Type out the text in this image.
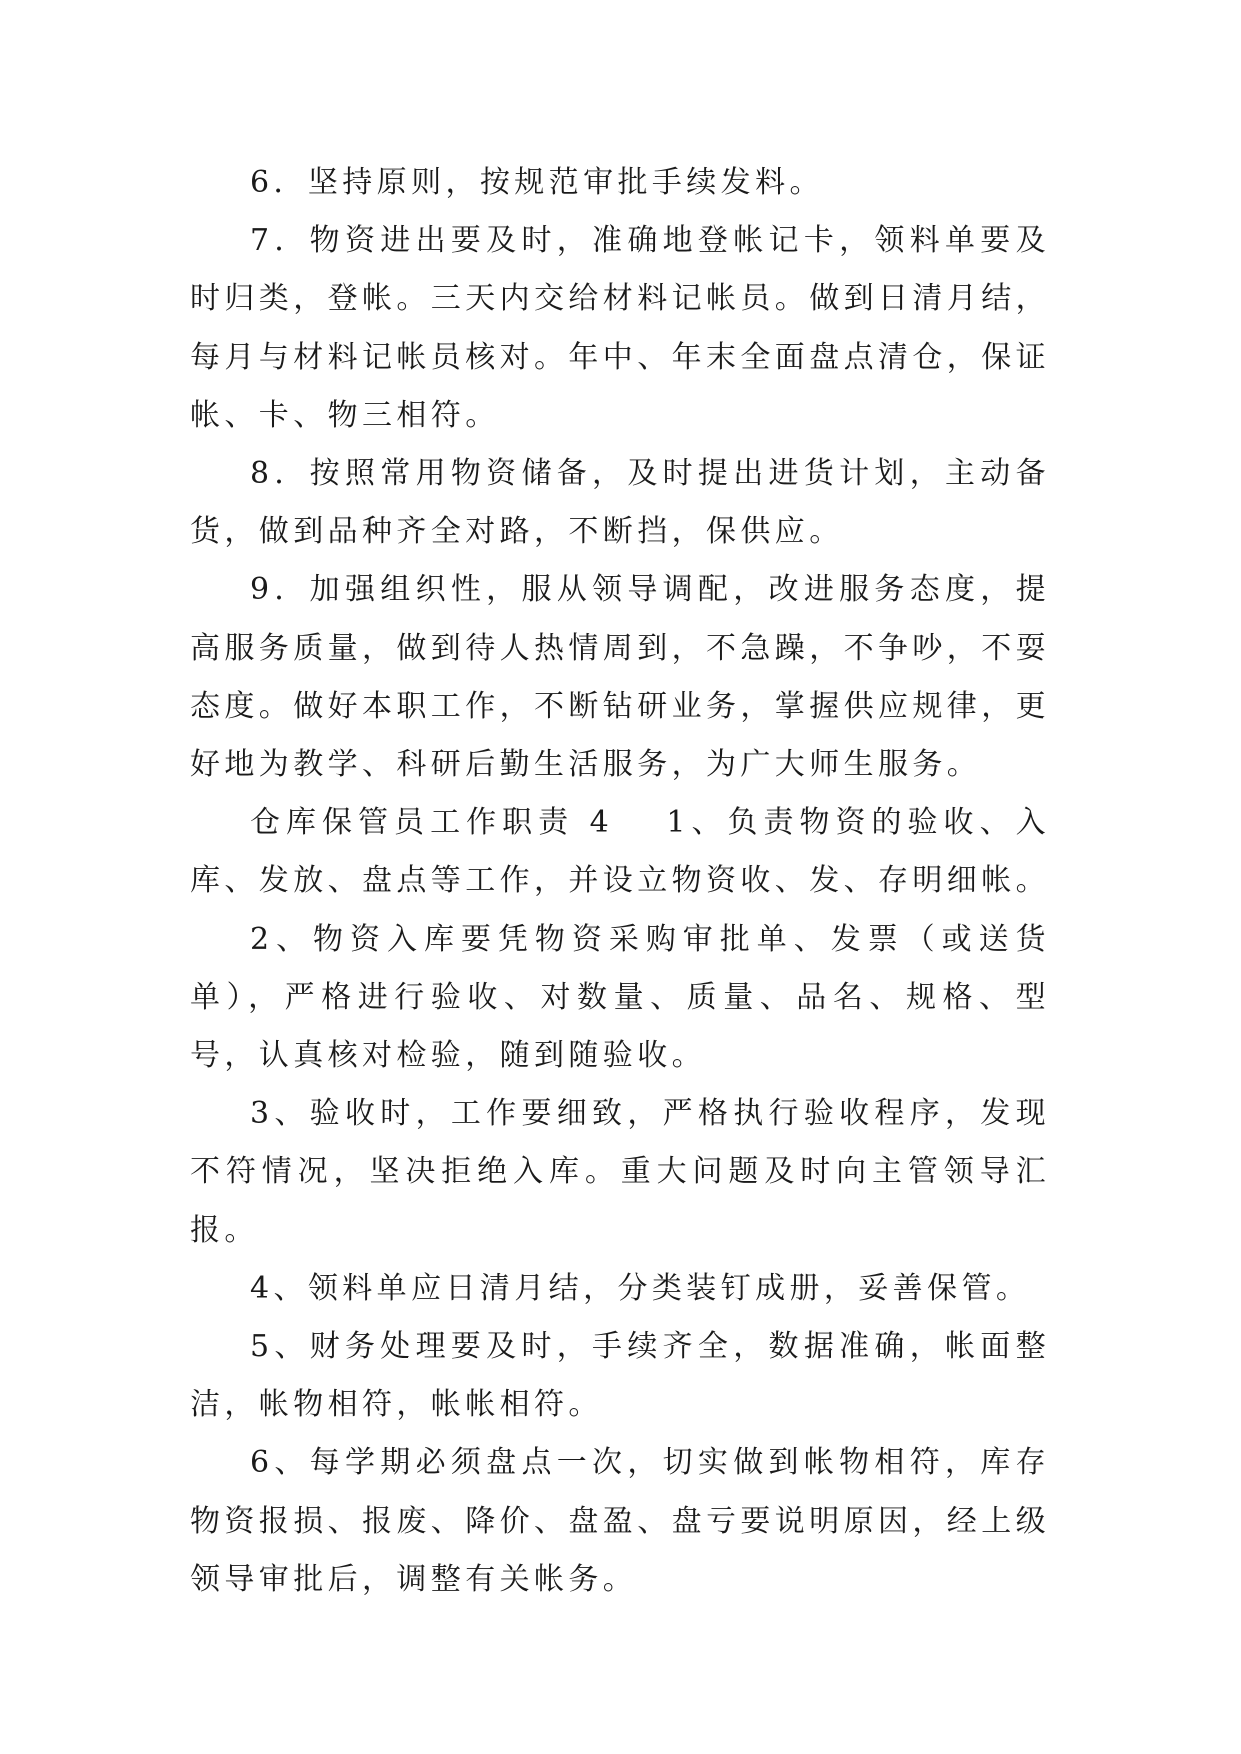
6．坚持原则，按规范审批手续发料。

7．物资进出要及时，准确地登帐记卡，领料单要及时归类，登帐。三天内交给材料记帐员。做到日清月结，每月与材料记帐员核对。年中、年末全面盘点清仓，保证帐、卡、物三相符。

8．按照常用物资储备，及时提出进货计划，主动备货，做到品种齐全对路，不断挡，保供应。

9．加强组织性，服从领导调配，改进服务态度，提高服务质量，做到待人热情周到，不急躁，不争吵，不耍态度。做好本职工作，不断钻研业务，掌握供应规律，更好地为教学、科研后勤生活服务，为广大师生服务。

仓库保管员工作职责 4　 1、负责物资的验收、入库、发放、盘点等工作，并设立物资收、发、存明细帐。

2、物资入库要凭物资采购审批单、发票（或送货单），严格进行验收、对数量、质量、品名、规格、型号，认真核对检验，随到随验收。

3、验收时，工作要细致，严格执行验收程序，发现不符情况，坚决拒绝入库。重大问题及时向主管领导汇报。

4、领料单应日清月结，分类装钉成册，妥善保管。

5、财务处理要及时，手续齐全，数据准确，帐面整洁，帐物相符，帐帐相符。

6、每学期必须盘点一次，切实做到帐物相符，库存物资报损、报废、降价、盘盈、盘亏要说明原因，经上级领导审批后，调整有关帐务。
